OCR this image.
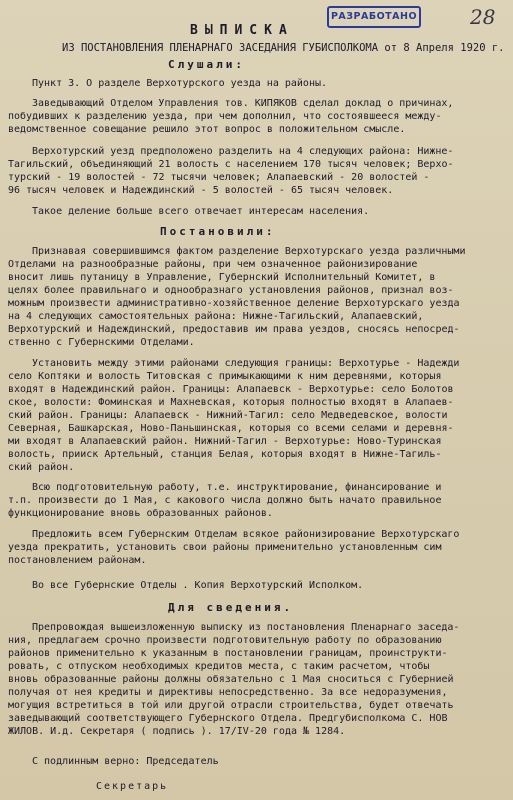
РАЗРАБОТАНО	28
ВЫПИСКА
ИЗ ПОСТАНОВЛЕНИЯ ПЛЕНАРНАГО ЗАСЕДАНИЯ ГУБИСПОЛКОМА от 8 Апреля 1920 г.
Слушали:
Пункт 3. О разделе Верхотурского уезда на районы.
Заведывающий Отделом Управления тов. КИПЯКОВ сделал доклад о причинах,
побудивших к разделению уезда, при чем дополнил, что состоявшееся между-
ведомственное совещание решило этот вопрос в положительном смысле.
Верхотурский уезд предположено разделить на 4 следующих района: Нижне-
Тагильский, объединяющий 21 волость с населением 170 тысяч человек; Верхо-
турский - 19 волостей - 72 тысячи человек; Алапаевский - 20 волостей -
96 тысяч человек и Надеждинский - 5 волостей - 65 тысяч человек.
Такое деление больше всего отвечает интересам населения.
Постановили:
Признавая совершившимся фактом разделение Верхотурскаго уезда различными
Отделами на разнообразные районы, при чем означенное районизирование
вносит лишь путаницу в Управление, Губернский Исполнительный Комитет, в
целях более правильнаго и однообразнаго установления районов, признал воз-
можным произвести административно-хозяйственное деление Верхотурскаго уезда
на 4 следующих самостоятельных района: Нижне-Тагильский, Алапаевский,
Верхотурский и Надеждинский, предоставив им права уездов, сносясь непосред-
ственно с Губернскими Отделами.
Установить между этими районами следующия границы: Верхотурье - Надежди
село Коптяки и волость Титовская с примыкающими к ним деревнями, которыя
входят в Надеждинский район. Границы: Алапаевск - Верхотурье: село Болотов
ское, волости: Фоминская и Махневская, которыя полностью входят в Алапаев-
ский район. Границы: Алапаевск - Нижний-Тагил: село Медведевское, волости
Северная, Башкарская, Ново-Паньшинская, которыя со всеми селами и деревня-
ми входят в Алапаевский район. Нижний-Тагил - Верхотурье: Ново-Туринская
волость, прииск Артельный, станция Белая, которыя входят в Нижне-Тагиль-
ский район.
Всю подготовительную работу, т.е. инструктирование, финансирование и
т.п. произвести до 1 Мая, с какового числа должно быть начато правильное
функционирование вновь образованных районов.
Предложить всем Губернским Отделам всякое районизирование Верхотурскаго
уезда прекратить, установить свои районы применительно установленным сим
постановлением районам.
Во все Губернские Отделы . Копия Верхотурский Исполком.
Для сведения.
Препровождая вышеизложенную выписку из постановления Пленарнаго заседа-
ния, предлагаем срочно произвести подготовительную работу по образованию
районов применительно к указанным в постановлении границам, проинструкти-
ровать, с отпуском необходимых кредитов места, с таким расчетом, чтобы
вновь образованные районы должны обязательно с 1 Мая сноситься с Губернией
получая от нея кредиты и директивы непосредственно. За все недоразумения,
могущия встретиться в той или другой отрасли строительства, будет отвечать
заведывающий соответствующего Губернского Отдела. Предгубисполкома С. НОВ
ЖИЛОВ. И.д. Секретаря ( подпись ). 17/IV-20 года № 1284.
С подлинным верно: Председатель
Секретарь
